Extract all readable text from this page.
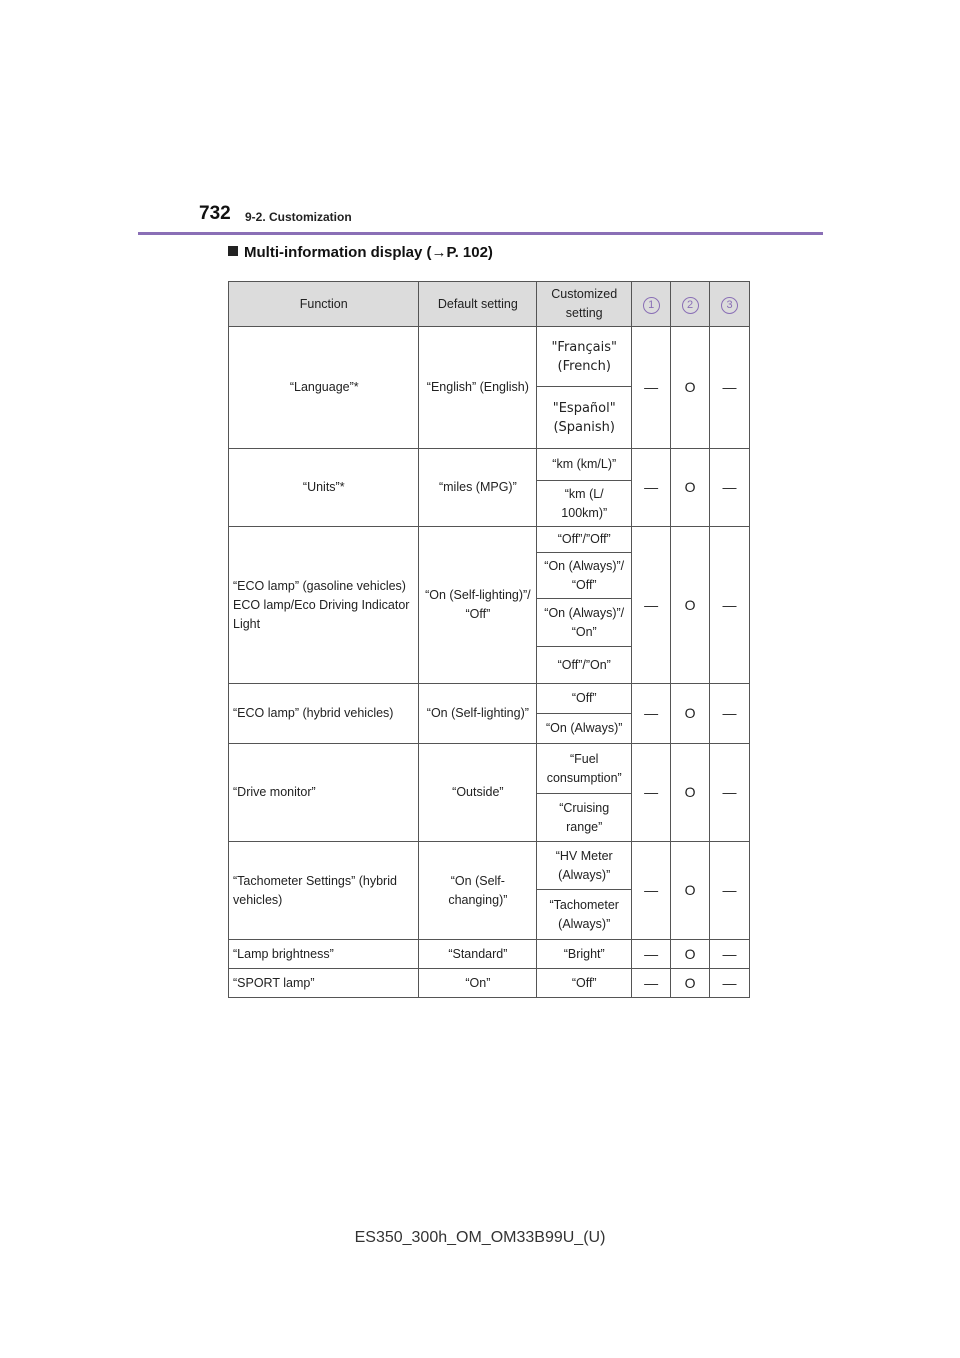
732 9-2. Customization
Multi-information display (→P. 102)
Function	Default setting	Customized setting	1	2	3
“Language”*	“English” (English)	"Français" (French)	—	O	—
		"Español" (Spanish)			
“Units”*	“miles (MPG)”	“km (km/L)”	—	O	—
		“km (L/ 100km)”			
“ECO lamp” (gasoline vehicles) ECO lamp/Eco Driving Indicator Light	“On (Self-lighting)”/ “Off”	“Off”/”Off”	—	O	—
		“On (Always)”/ “Off”			
		“On (Always)”/ “On”			
		“Off”/”On”			
“ECO lamp” (hybrid vehicles)	“On (Self-lighting)”	“Off”	—	O	—
		“On (Always)”			
“Drive monitor”	“Outside”	“Fuel consumption”	—	O	—
		“Cruising range”			
“Tachometer Settings” (hybrid vehicles)	“On (Self- changing)”	“HV Meter (Always)”	—	O	—
		“Tachometer (Always)”			
“Lamp brightness”	“Standard”	“Bright”	—	O	—
“SPORT lamp”	“On”	“Off”	—	O	—
ES350_300h_OM_OM33B99U_(U)
